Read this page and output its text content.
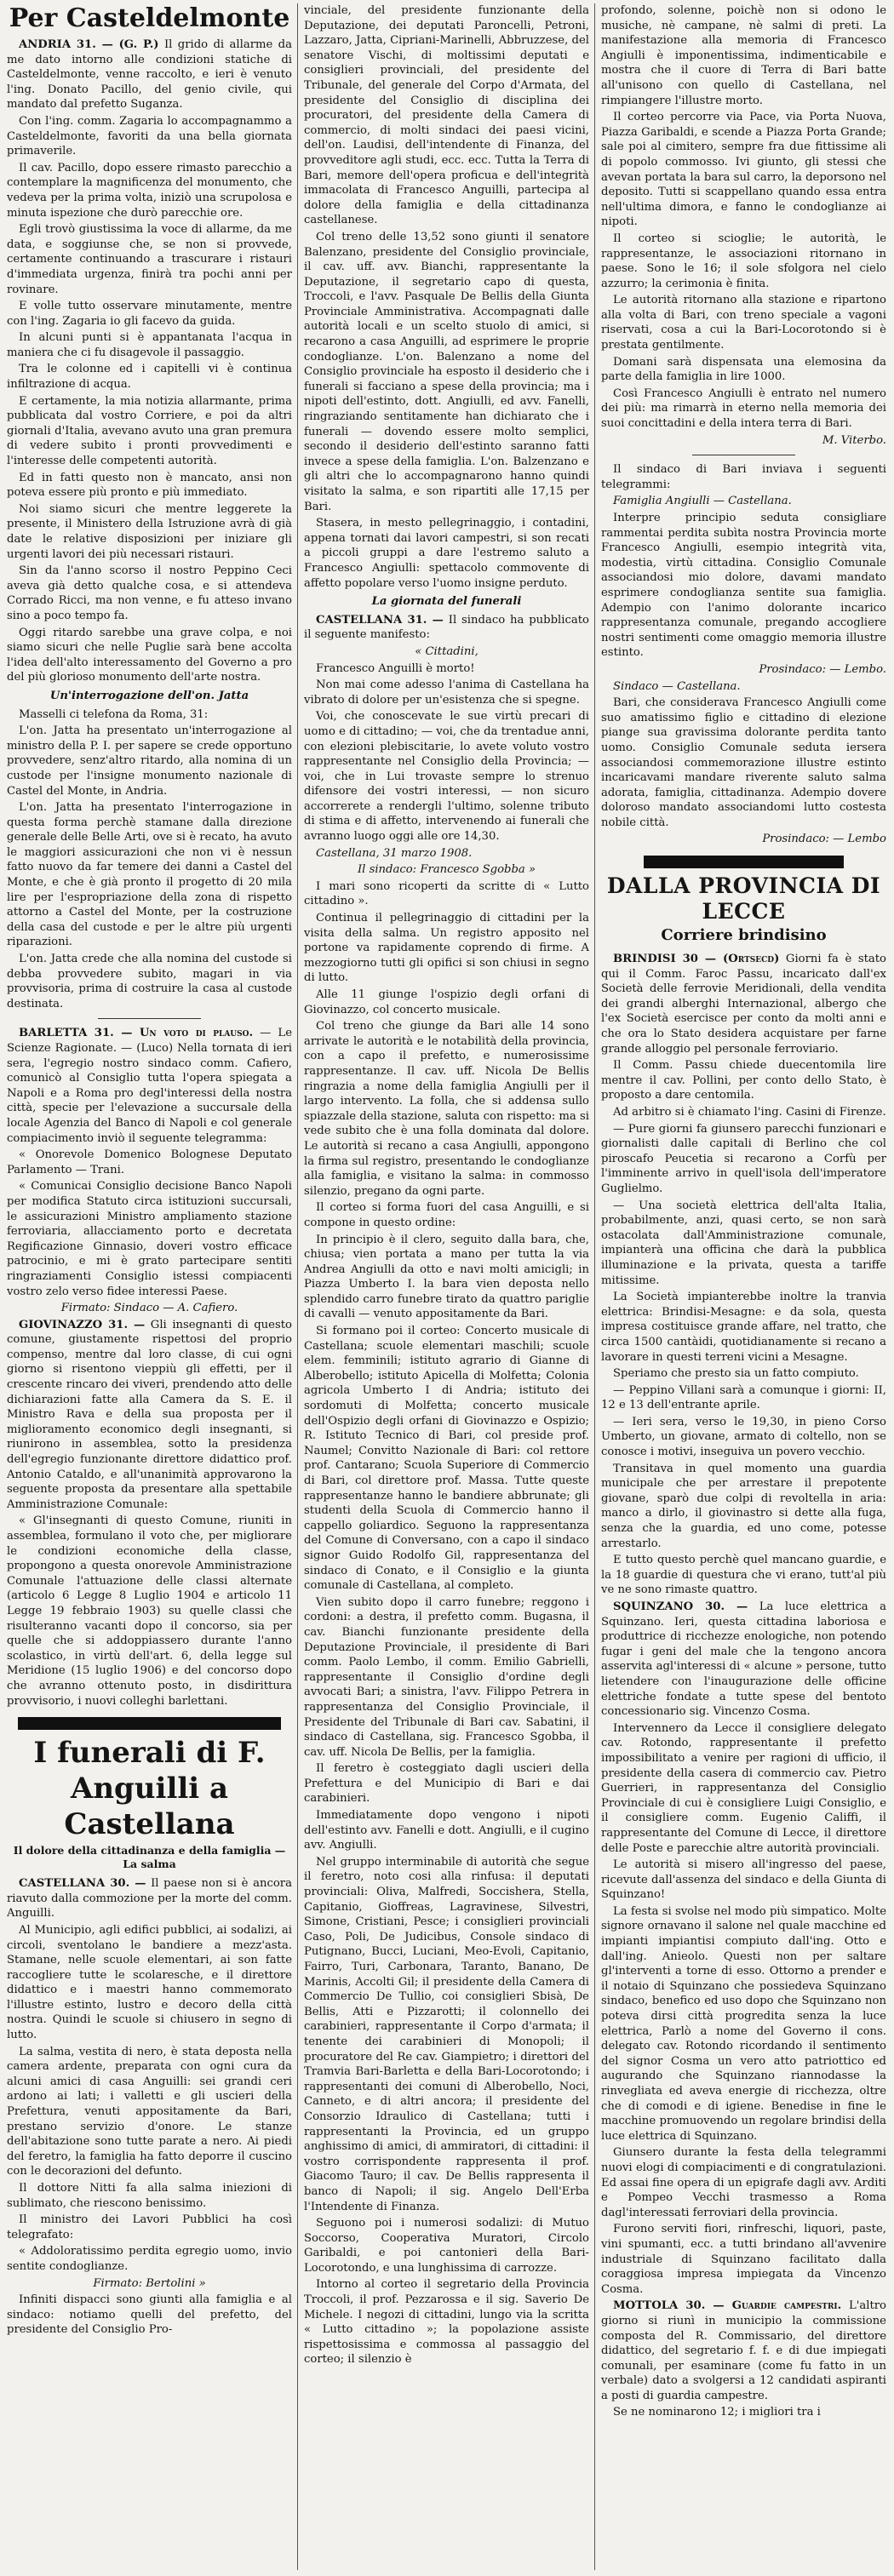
Per Casteldelmonte

ANDRIA 31. — (G. P.) Il grido di allarme da me dato intorno alle condizioni statiche di Casteldelmonte, venne raccolto, e ieri è venuto l'ing. Donato Pacillo, del genio civile, qui mandato dal prefetto Suganza.

Con l'ing. comm. Zagaria lo accompagnammo a Casteldelmonte, favoriti da una bella giornata primaverile.

Il cav. Pacillo, dopo essere rimasto parecchio a contemplare la magnificenza del monumento, che vedeva per la prima volta, iniziò una scrupolosa e minuta ispezione che durò parecchie ore.

Egli trovò giustissima la voce di allarme, da me data, e soggiunse che, se non si provvede, certamente continuando a trascurare i ristauri d'immediata urgenza, finirà tra pochi anni per rovinare.

E volle tutto osservare minutamente, mentre con l'ing. Zagaria io gli facevo da guida.

In alcuni punti si è appantanata l'acqua in maniera che ci fu disagevole il passaggio.

Tra le colonne ed i capitelli vi è continua infiltrazione di acqua.

E certamente, la mia notizia allarmante, prima pubblicata dal vostro Corriere, e poi da altri giornali d'Italia, avevano avuto una gran premura di vedere subito i pronti provvedimenti e l'interesse delle competenti autorità.

Ed in fatti questo non è mancato, ansi non poteva essere più pronto e più immediato.

Noi siamo sicuri che mentre leggerete la presente, il Ministero della Istruzione avrà di già date le relative disposizioni per iniziare gli urgenti lavori dei più necessari ristauri.

Sin da l'anno scorso il nostro Peppino Ceci aveva già detto qualche cosa, e si attendeva Corrado Ricci, ma non venne, e fu atteso invano sino a poco tempo fa.

Oggi ritardo sarebbe una grave colpa, e noi siamo sicuri che nelle Puglie sarà bene accolta l'idea dell'alto interessamento del Governo a pro del più glorioso monumento dell'arte nostra.

Un'interrogazione dell'on. Jatta

Masselli ci telefona da Roma, 31:

L'on. Jatta ha presentato un'interrogazione al ministro della P. I. per sapere se crede opportuno provvedere, senz'altro ritardo, alla nomina di un custode per l'insigne monumento nazionale di Castel del Monte, in Andria.

L'on. Jatta ha presentato l'interrogazione in questa forma perchè stamane dalla direzione generale delle Belle Arti, ove si è recato, ha avuto le maggiori assicurazioni che non vi è nessun fatto nuovo da far temere dei danni a Castel del Monte, e che è già pronto il progetto di 20 mila lire per l'espropriazione della zona di rispetto attorno a Castel del Monte, per la costruzione della casa del custode e per le altre più urgenti riparazioni.

L'on. Jatta crede che alla nomina del custode si debba provvedere subito, magari in via provvisoria, prima di costruire la casa al custode destinata.

BARLETTA 31. — Un voto di plauso. — Le Scienze Ragionate. — (Luco) Nella tornata di ieri sera, l'egregio nostro sindaco comm. Cafiero, comunicò al Consiglio tutta l'opera spiegata a Napoli e a Roma pro degl'interessi della nostra città, specie per l'elevazione a succursale della locale Agenzia del Banco di Napoli e col generale compiacimento inviò il seguente telegramma:

« Onorevole Domenico Bolognese Deputato Parlamento — Trani.

« Comunicai Consiglio decisione Banco Napoli per modifica Statuto circa istituzioni succursali, le assicurazioni Ministro ampliamento stazione ferroviaria, allacciamento porto e decretata Regificazione Ginnasio, doveri vostro efficace patrocinio, e mi è grato partecipare sentiti ringraziamenti Consiglio istessi compiacenti vostro zelo verso fidee interessi Paese.

Firmato: Sindaco — A. Cafiero.

GIOVINAZZO 31. — Gli insegnanti di questo comune, giustamente rispettosi del proprio compenso, mentre dal loro classe, di cui ogni giorno si risentono vieppiù gli effetti, per il crescente rincaro dei viveri, prendendo atto delle dichiarazioni fatte alla Camera da S. E. il Ministro Rava e della sua proposta per il miglioramento economico degli insegnanti, si riunirono in assemblea, sotto la presidenza dell'egregio funzionante direttore didattico prof. Antonio Cataldo, e all'unanimità approvarono la seguente proposta da presentare alla spettabile Amministrazione Comunale:

« Gl'insegnanti di questo Comune, riuniti in assemblea, formulano il voto che, per migliorare le condizioni economiche della classe, propongono a questa onorevole Amministrazione Comunale l'attuazione delle classi alternate (articolo 6 Legge 8 Luglio 1904 e articolo 11 Legge 19 febbraio 1903) su quelle classi che risulteranno vacanti dopo il concorso, sia per quelle che si addoppiassero durante l'anno scolastico, in virtù dell'art. 6, della legge sul Meridione (15 luglio 1906) e del concorso dopo che avranno ottenuto posto, in disdirittura provvisorio, i nuovi colleghi barlettani.

I funerali di F. Anguilli a Castellana
Il dolore della cittadinanza e della famiglia — La salma

CASTELLANA 30. — Il paese non si è ancora riavuto dalla commozione per la morte del comm. Anguilli.

Al Municipio, agli edifici pubblici, ai sodalizi, ai circoli, sventolano le bandiere a mezz'asta. Stamane, nelle scuole elementari, ai son fatte raccogliere tutte le scolaresche, e il direttore didattico e i maestri hanno commemorato l'illustre estinto, lustro e decoro della città nostra. Quindi le scuole si chiusero in segno di lutto.

La salma, vestita di nero, è stata deposta nella camera ardente, preparata con ogni cura da alcuni amici di casa Anguilli: sei grandi ceri ardono ai lati; i valletti e gli uscieri della Prefettura, venuti appositamente da Bari, prestano servizio d'onore. Le stanze dell'abitazione sono tutte parate a nero. Ai piedi del feretro, la famiglia ha fatto deporre il cuscino con le decorazioni del defunto.

Il dottore Nitti fa alla salma iniezioni di sublimato, che riescono benissimo.

Il ministro dei Lavori Pubblici ha così telegrafato:

« Addoloratissimo perdita egregio uomo, invio sentite condoglianze.

Firmato: Bertolini »

Infiniti dispacci sono giunti alla famiglia e al sindaco: notiamo quelli del prefetto, del presidente del Consiglio Pro-

vinciale, del presidente funzionante della Deputazione, dei deputati Paroncelli, Petroni, Lazzaro, Jatta, Cipriani-Marinelli, Abbruzzese, del senatore Vischi, di moltissimi deputati e consiglieri provinciali, del presidente del Tribunale, del generale del Corpo d'Armata, del presidente del Consiglio di disciplina dei procuratori, del presidente della Camera di commercio, di molti sindaci dei paesi vicini, dell'on. Laudisi, dell'intendente di Finanza, del provveditore agli studi, ecc. ecc. Tutta la Terra di Bari, memore dell'opera proficua e dell'integrità immacolata di Francesco Anguilli, partecipa al dolore della famiglia e della cittadinanza castellanese.

Col treno delle 13,52 sono giunti il senatore Balenzano, presidente del Consiglio provinciale, il cav. uff. avv. Bianchi, rappresentante la Deputazione, il segretario capo di questa, Troccoli, e l'avv. Pasquale De Bellis della Giunta Provinciale Amministrativa. Accompagnati dalle autorità locali e un scelto stuolo di amici, si recarono a casa Anguilli, ad esprimere le proprie condoglianze. L'on. Balenzano a nome del Consiglio provinciale ha esposto il desiderio che i funerali si facciano a spese della provincia; ma i nipoti dell'estinto, dott. Angiulli, ed avv. Fanelli, ringraziando sentitamente han dichiarato che i funerali — dovendo essere molto semplici, secondo il desiderio dell'estinto saranno fatti invece a spese della famiglia. L'on. Balzenzano e gli altri che lo accompagnarono hanno quindi visitato la salma, e son ripartiti alle 17,15 per Bari.

Stasera, in mesto pellegrinaggio, i contadini, appena tornati dai lavori campestri, si son recati a piccoli gruppi a dare l'estremo saluto a Francesco Angiulli: spettacolo commovente di affetto popolare verso l'uomo insigne perduto.

La giornata del funerali

CASTELLANA 31. — Il sindaco ha pubblicato il seguente manifesto:

« Cittadini,

Francesco Anguilli è morto!

Non mai come adesso l'anima di Castellana ha vibrato di dolore per un'esistenza che si spegne.

Voi, che conoscevate le sue virtù precari di uomo e di cittadino; — voi, che da trentadue anni, con elezioni plebiscitarie, lo avete voluto vostro rappresentante nel Consiglio della Provincia; — voi, che in Lui trovaste sempre lo strenuo difensore dei vostri interessi, — non sicuro accorrerete a rendergli l'ultimo, solenne tributo di stima e di affetto, intervenendo ai funerali che avranno luogo oggi alle ore 14,30.

Castellana, 31 marzo 1908.

Il sindaco: Francesco Sgobba »

I mari sono ricoperti da scritte di « Lutto cittadino ».

Continua il pellegrinaggio di cittadini per la visita della salma. Un registro apposito nel portone va rapidamente coprendo di firme. A mezzogiorno tutti gli opifici si son chiusi in segno di lutto.

Alle 11 giunge l'ospizio degli orfani di Giovinazzo, col concerto musicale.

Col treno che giunge da Bari alle 14 sono arrivate le autorità e le notabilità della provincia, con a capo il prefetto, e numerosissime rappresentanze. Il cav. uff. Nicola De Bellis ringrazia a nome della famiglia Angiulli per il largo intervento. La folla, che si addensa sullo spiazzale della stazione, saluta con rispetto: ma si vede subito che è una folla dominata dal dolore. Le autorità si recano a casa Angiulli, appongono la firma sul registro, presentando le condoglianze alla famiglia, e visitano la salma: in commosso silenzio, pregano da ogni parte.

Il corteo si forma fuori del casa Anguilli, e si compone in questo ordine:

In principio è il clero, seguito dalla bara, che, chiusa; vien portata a mano per tutta la via Andrea Angiulli da otto e navi molti amicigli; in Piazza Umberto I. la bara vien deposta nello splendido carro funebre tirato da quattro pariglie di cavalli — venuto appositamente da Bari.

Si formano poi il corteo: Concerto musicale di Castellana; scuole elementari maschili; scuole elem. femminili; istituto agrario di Gianne di Alberobello; istituto Apicella di Molfetta; Colonia agricola Umberto I di Andria; istituto dei sordomuti di Molfetta; concerto musicale dell'Ospizio degli orfani di Giovinazzo e Ospizio; R. Istituto Tecnico di Bari, col preside prof. Naumel; Convitto Nazionale di Bari: col rettore prof. Cantarano; Scuola Superiore di Commercio di Bari, col direttore prof. Massa. Tutte queste rappresentanze hanno le bandiere abbrunate; gli studenti della Scuola di Commercio hanno il cappello goliardico. Seguono la rappresentanza del Comune di Conversano, con a capo il sindaco signor Guido Rodolfo Gil, rappresentanza del sindaco di Conato, e il Consiglio e la giunta comunale di Castellana, al completo.

Vien subito dopo il carro funebre; reggono i cordoni: a destra, il prefetto comm. Bugasna, il cav. Bianchi funzionante presidente della Deputazione Provinciale, il presidente di Bari comm. Paolo Lembo, il comm. Emilio Gabrielli, rappresentante il Consiglio d'ordine degli avvocati Bari; a sinistra, l'avv. Filippo Petrera in rappresentanza del Consiglio Provinciale, il Presidente del Tribunale di Bari cav. Sabatini, il sindaco di Castellana, sig. Francesco Sgobba, il cav. uff. Nicola De Bellis, per la famiglia.

Il feretro è costeggiato dagli uscieri della Prefettura e del Municipio di Bari e dai carabinieri.

Immediatamente dopo vengono i nipoti dell'estinto avv. Fanelli e dott. Angiulli, e il cugino avv. Angiulli.

Nel gruppo interminabile di autorità che segue il feretro, noto cosi alla rinfusa: il deputati provinciali: Oliva, Malfredi, Soccishera, Stella, Capitanio, Gioffreas, Lagravinese, Silvestri, Simone, Cristiani, Pesce; i consiglieri provinciali Caso, Poli, De Judicibus, Console sindaco di Putignano, Bucci, Luciani, Meo-Evoli, Capitanio, Fairro, Turi, Carbonara, Taranto, Banano, De Marinis, Accolti Gil; il presidente della Camera di Commercio De Tullio, coi consiglieri Sbisà, De Bellis, Atti e Pizzarotti; il colonnello dei carabinieri, rappresentante il Corpo d'armata; il tenente dei carabinieri di Monopoli; il procuratore del Re cav. Giampietro; i direttori del Tramvia Bari-Barletta e della Bari-Locorotondo; i rappresentanti dei comuni di Alberobello, Noci, Canneto, e di altri ancora; il presidente del Consorzio Idraulico di Castellana; tutti i rappresentanti la Provincia, ed un gruppo anghissimo di amici, di ammiratori, di cittadini: il vostro corrispondente rappresenta il prof. Giacomo Tauro; il cav. De Bellis rappresenta il banco di Napoli; il sig. Angelo Dell'Erba l'Intendente di Finanza.

Seguono poi i numerosi sodalizi: di Mutuo Soccorso, Cooperativa Muratori, Circolo Garibaldi, e poi cantonieri della Bari-Locorotondo, e una lunghissima di carrozze.

Intorno al corteo il segretario della Provincia Troccoli, il prof. Pezzarossa e il sig. Saverio De Michele. I negozi di cittadini, lungo via la scritta « Lutto cittadino »; la popolazione assiste rispettosissima e commossa al passaggio del corteo; il silenzio è

profondo, solenne, poichè non si odono le musiche, nè campane, nè salmi di preti. La manifestazione alla memoria di Francesco Angiulli è imponentissima, indimenticabile e mostra che il cuore di Terra di Bari batte all'unisono con quello di Castellana, nel rimpiangere l'illustre morto.

Il corteo percorre via Pace, via Porta Nuova, Piazza Garibaldi, e scende a Piazza Porta Grande; sale poi al cimitero, sempre fra due fittissime ali di popolo commosso. Ivi giunto, gli stessi che avevan portata la bara sul carro, la deporsono nel deposito. Tutti si scappellano quando essa entra nell'ultima dimora, e fanno le condoglianze ai nipoti.

Il corteo si scioglie; le autorità, le rappresentanze, le associazioni ritornano in paese. Sono le 16; il sole sfolgora nel cielo azzurro; la cerimonia è finita.

Le autorità ritornano alla stazione e ripartono alla volta di Bari, con treno speciale a vagoni riservati, cosa a cui la Bari-Locorotondo si è prestata gentilmente.

Domani sarà dispensata una elemosina da parte della famiglia in lire 1000.

Così Francesco Angiulli è entrato nel numero dei più: ma rimarrà in eterno nella memoria dei suoi concittadini e della intera terra di Bari.

M. Viterbo.

Il sindaco di Bari inviava i seguenti telegrammi:

Famiglia Angiulli — Castellana.

Interpre principio seduta consigliare rammentai perdita subìta nostra Provincia morte Francesco Angiulli, esempio integrità vita, modestia, virtù cittadina. Consiglio Comunale associandosi mio dolore, davami mandato esprimere condoglianza sentite sua famiglia. Adempio con l'animo dolorante incarico rappresentanza comunale, pregando accogliere nostri sentimenti come omaggio memoria illustre estinto.

Prosindaco: — Lembo.

Sindaco — Castellana.

Bari, che considerava Francesco Angiulli come suo amatissimo figlio e cittadino di elezione piange sua gravissima dolorante perdita tanto uomo. Consiglio Comunale seduta iersera associandosi commemorazione illustre estinto incaricavami mandare riverente saluto salma adorata, famiglia, cittadinanza. Adempio dovere doloroso mandato associandomi lutto costesta nobile città.

Prosindaco: — Lembo

DALLA PROVINCIA DI LECCE
Corriere brindisino

BRINDISI 30 — (Ortsecd) Giorni fa è stato qui il Comm. Faroc Passu, incaricato dall'ex Società delle ferrovie Meridionali, della vendita dei grandi alberghi Internazional, albergo che l'ex Società esercisce per conto da molti anni e che ora lo Stato desidera acquistare per farne grande alloggio pel personale ferroviario.

Il Comm. Passu chiede duecentomila lire mentre il cav. Pollini, per conto dello Stato, è proposto a dare centomila.

Ad arbitro si è chiamato l'ing. Casini di Firenze.

— Pure giorni fa giunsero parecchi funzionari e giornalisti dalle capitali di Berlino che col piroscafo Peucetia si recarono a Corfù per l'imminente arrivo in quell'isola dell'imperatore Guglielmo.

— Una società elettrica dell'alta Italia, probabilmente, anzi, quasi certo, se non sarà ostacolata dall'Amministrazione comunale, impianterà una officina che darà la pubblica illuminazione e la privata, questa a tariffe mitissime.

La Società impianterebbe inoltre la tranvia elettrica: Brindisi-Mesagne: e da sola, questa impresa costituisce grande affare, nel tratto, che circa 1500 cantàidi, quotidianamente si recano a lavorare in questi terreni vicini a Mesagne.

Speriamo che presto sia un fatto compiuto.

— Peppino Villani sarà a comunque i giorni: II, 12 e 13 dell'entrante aprile.

— Ieri sera, verso le 19,30, in pieno Corso Umberto, un giovane, armato di coltello, non se conosce i motivi, inseguiva un povero vecchio.

Transitava in quel momento una guardia municipale che per arrestare il prepotente giovane, sparò due colpi di revoltella in aria: manco a dirlo, il giovinastro si dette alla fuga, senza che la guardia, ed uno come, potesse arrestarlo.

E tutto questo perchè quel mancano guardie, e la 18 guardie di questura che vi erano, tutt'al più ve ne sono rimaste quattro.

SQUINZANO 30. — La luce elettrica a Squinzano. Ieri, questa cittadina laboriosa e produttrice di ricchezze enologiche, non potendo fugar i geni del male che la tengono ancora asservita agl'interessi di « alcune » persone, tutto lietendere con l'inaugurazione delle officine elettriche fondate a tutte spese del bentoto concessionario sig. Vincenzo Cosma.

Intervennero da Lecce il consigliere delegato cav. Rotondo, rappresentante il prefetto impossibilitato a venire per ragioni di ufficio, il presidente della casera di commercio cav. Pietro Guerrieri, in rappresentanza del Consiglio Provinciale di cui è consigliere Luigi Consiglio, e il consigliere comm. Eugenio Califfi, il rappresentante del Comune di Lecce, il direttore delle Poste e parecchie altre autorità provinciali.

Le autorità si misero all'ingresso del paese, ricevute dall'assenza del sindaco e della Giunta di Squinzano!

La festa si svolse nel modo più simpatico. Molte signore ornavano il salone nel quale macchine ed impianti impiantisi compiuto dall'ing. Otto e dall'ing. Anieolo. Questi non per saltare gl'interventi a torne di esso. Ottorno a prender e il notaio di Squinzano che possiedeva Squinzano sindaco, benefico ed uso dopo che Squinzano non poteva dirsi città progredita senza la luce elettrica, Parlò a nome del Governo il cons. delegato cav. Rotondo ricordando il sentimento del signor Cosma un vero atto patriottico ed augurando che Squinzano riannodasse la rinvegliata ed aveva energie di ricchezza, oltre che di comodi e di igiene. Benedise in fine le macchine promuovendo un regolare brindisi della luce elettrica di Squinzano.

Giunsero durante la festa della telegrammi nuovi elogi di compiacimenti e di congratulazioni. Ed assai fine opera di un epigrafe dagli avv. Arditi e Pompeo Vecchi trasmesso a Roma dagl'interessati ferroviari della provincia.

Furono serviti fiori, rinfreschi, liquori, paste, vini spumanti, ecc. a tutti brindano all'avvenire industriale di Squinzano facilitato dalla coraggiosa impresa impiegata da Vincenzo Cosma.

MOTTOLA 30. — Guardie campestri. L'altro giorno si riunì in municipio la commissione composta del R. Commissario, del direttore didattico, del segretario f. f. e di due impiegati comunali, per esaminare (come fu fatto in un verbale) dato a svolgersi a 12 candidati aspiranti a posti di guardia campestre.

Se ne nominarono 12; i migliori tra i
